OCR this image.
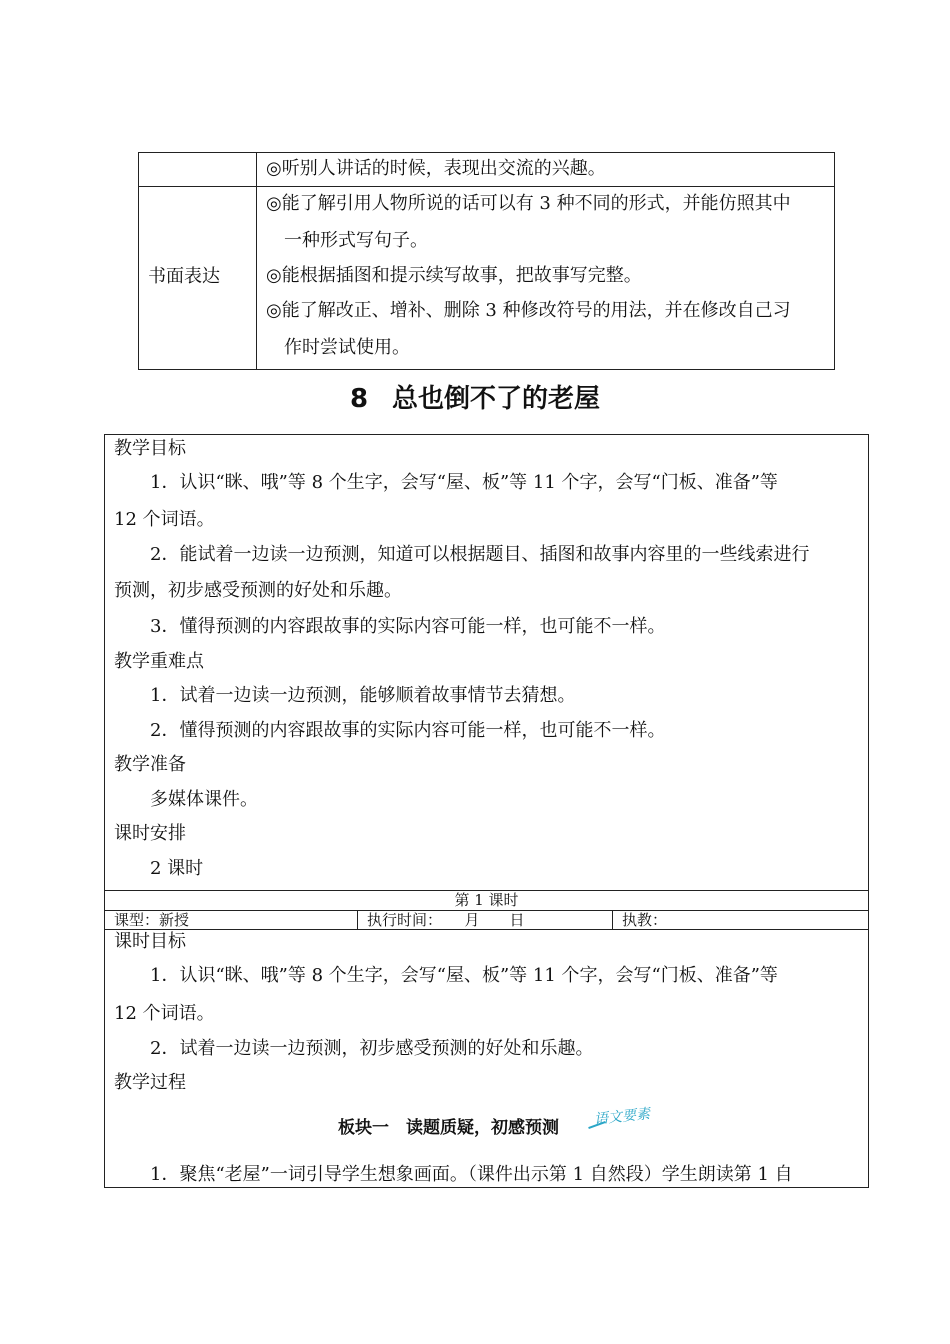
◎听别人讲话的时候，表现出交流的兴趣。
书面表达
◎能了解引用人物所说的话可以有 3 种不同的形式，并能仿照其中
一种形式写句子。
◎能根据插图和提示续写故事，把故事写完整。
◎能了解改正、增补、删除 3 种修改符号的用法，并在修改自己习
作时尝试使用。
8 总也倒不了的老屋
教学目标
1．认识“眯、哦”等 8 个生字，会写“屋、板”等 11 个字，会写“门板、准备”等
12 个词语。
2．能试着一边读一边预测，知道可以根据题目、插图和故事内容里的一些线索进行
预测，初步感受预测的好处和乐趣。
3．懂得预测的内容跟故事的实际内容可能一样，也可能不一样。
教学重难点
1．试着一边读一边预测，能够顺着故事情节去猜想。
2．懂得预测的内容跟故事的实际内容可能一样，也可能不一样。
教学准备
多媒体课件。
课时安排
2 课时
第 1 课时
课型：新授	执行时间：　　月　　日	执教：
课时目标
1．认识“眯、哦”等 8 个生字，会写“屋、板”等 11 个字，会写“门板、准备”等
12 个词语。
2．试着一边读一边预测，初步感受预测的好处和乐趣。
教学过程
板块一　读题质疑，初感预测
语文要素
1．聚焦“老屋”一词引导学生想象画面。（课件出示第 1 自然段）学生朗读第 1 自
